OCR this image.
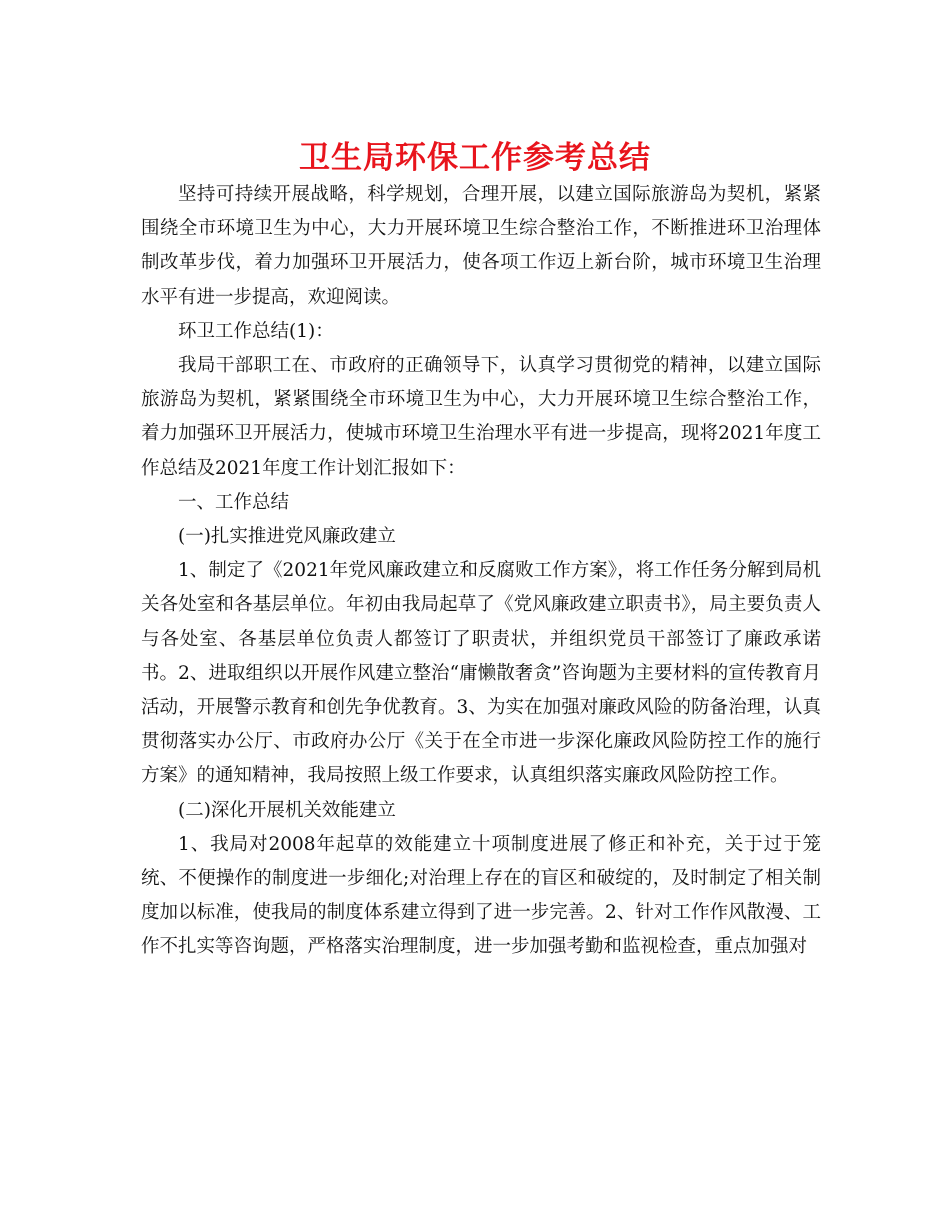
卫生局环保工作参考总结

坚持可持续开展战略，科学规划，合理开展，以建立国际旅游岛为契机，紧紧围绕全市环境卫生为中心，大力开展环境卫生综合整治工作，不断推进环卫治理体制改革步伐，着力加强环卫开展活力，使各项工作迈上新台阶，城市环境卫生治理水平有进一步提高，欢迎阅读。

环卫工作总结(1)：

我局干部职工在、市政府的正确领导下，认真学习贯彻党的精神，以建立国际旅游岛为契机，紧紧围绕全市环境卫生为中心，大力开展环境卫生综合整治工作，着力加强环卫开展活力，使城市环境卫生治理水平有进一步提高，现将2021年度工作总结及2021年度工作计划汇报如下：

一、工作总结

(一)扎实推进党风廉政建立

1、制定了《2021年党风廉政建立和反腐败工作方案》，将工作任务分解到局机关各处室和各基层单位。年初由我局起草了《党风廉政建立职责书》，局主要负责人与各处室、各基层单位负责人都签订了职责状，并组织党员干部签订了廉政承诺书。2、进取组织以开展作风建立整治“庸懒散奢贪”咨询题为主要材料的宣传教育月活动，开展警示教育和创先争优教育。3、为实在加强对廉政风险的防备治理，认真贯彻落实办公厅、市政府办公厅《关于在全市进一步深化廉政风险防控工作的施行方案》的通知精神，我局按照上级工作要求，认真组织落实廉政风险防控工作。

(二)深化开展机关效能建立

1、我局对2008年起草的效能建立十项制度进展了修正和补充，关于过于笼统、不便操作的制度进一步细化;对治理上存在的盲区和破绽的，及时制定了相关制度加以标准，使我局的制度体系建立得到了进一步完善。2、针对工作作风散漫、工作不扎实等咨询题，严格落实治理制度，进一步加强考勤和监视检查，重点加强对
